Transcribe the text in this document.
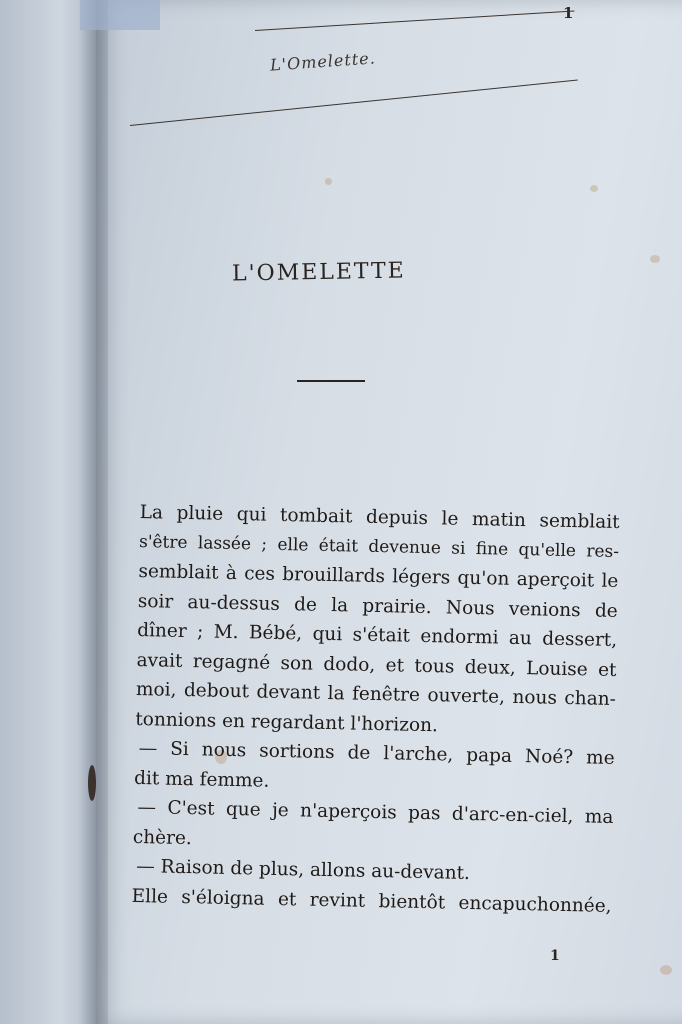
1
L'Omelette.
L'OMELETTE
La pluie qui tombait depuis le matin semblait
s'être lassée ; elle était devenue si fine qu'elle res-
semblait à ces brouillards légers qu'on aperçoit le
soir au-dessus de la prairie. Nous venions de
dîner ; M. Bébé, qui s'était endormi au dessert,
avait regagné son dodo, et tous deux, Louise et
moi, debout devant la fenêtre ouverte, nous chan-
tonnions en regardant l'horizon.
— Si nous sortions de l'arche, papa Noé? me
dit ma femme.
— C'est que je n'aperçois pas d'arc-en-ciel, ma
chère.
— Raison de plus, allons au-devant.
Elle s'éloigna et revint bientôt encapuchonnée,
1
